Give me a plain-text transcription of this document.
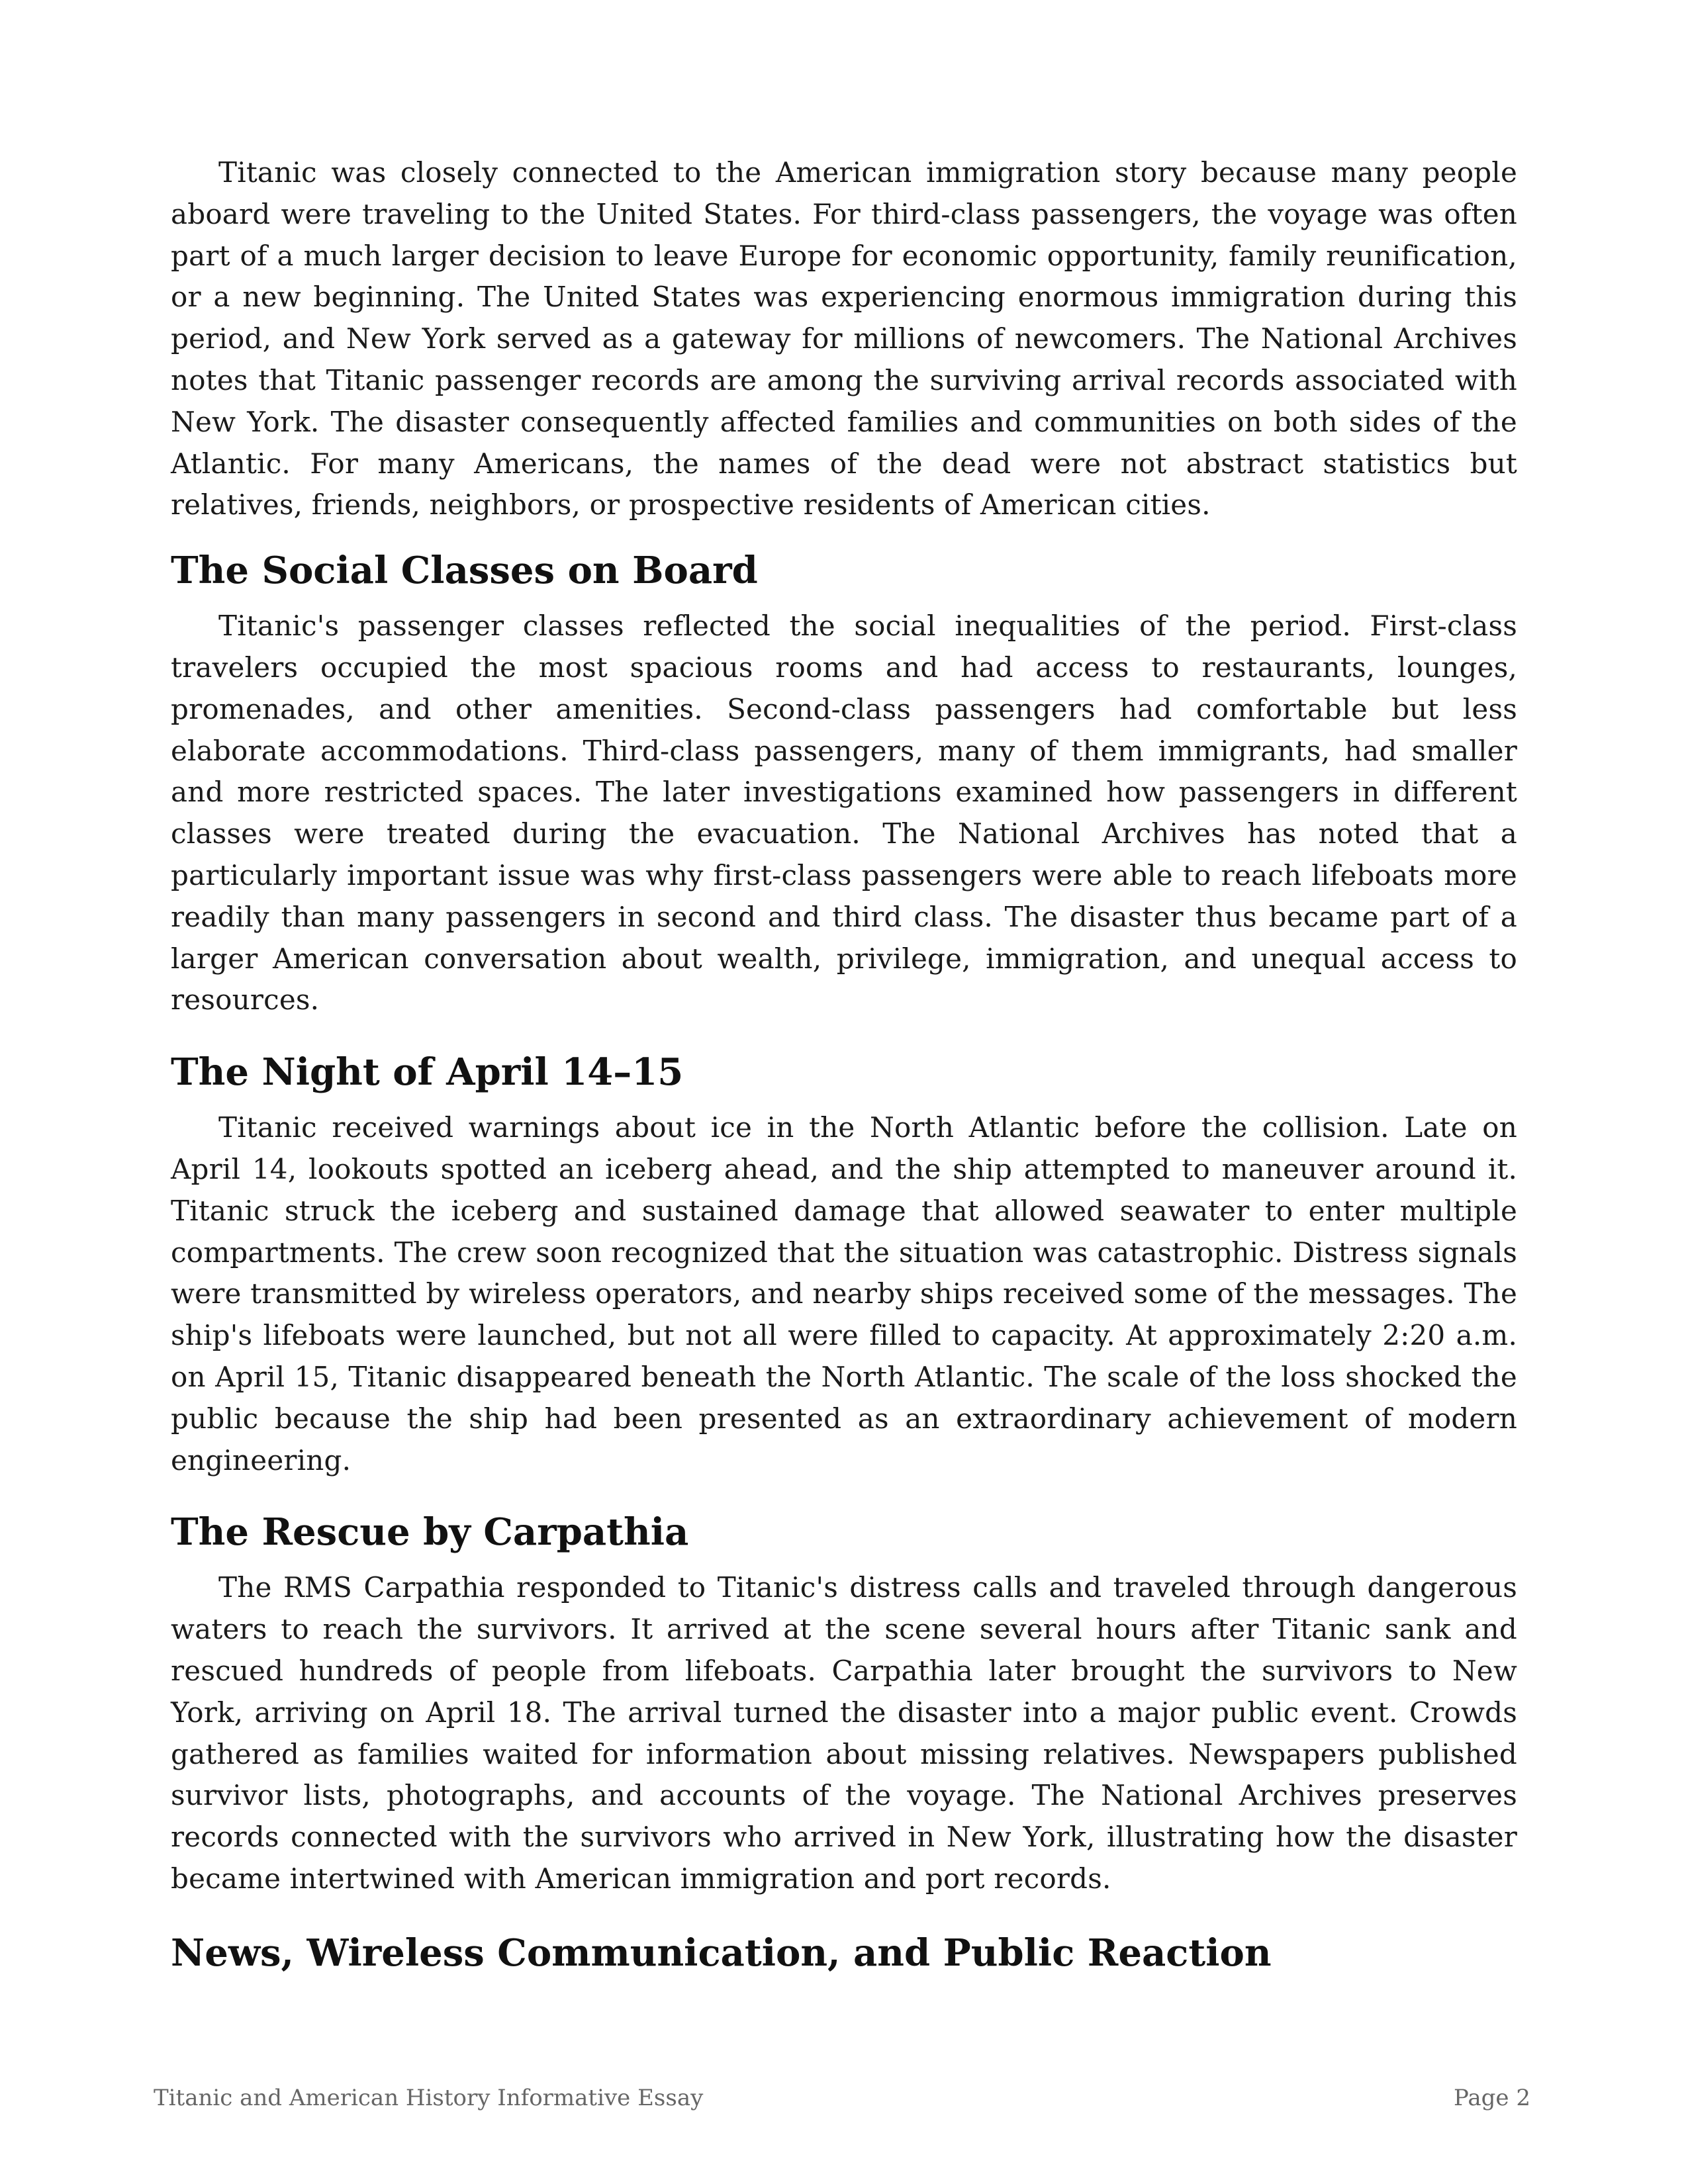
Titanic was closely connected to the American immigration story because many people aboard were traveling to the United States. For third-class passengers, the voyage was often part of a much larger decision to leave Europe for economic opportunity, family reunification, or a new beginning. The United States was experiencing enormous immigration during this period, and New York served as a gateway for millions of newcomers. The National Archives notes that Titanic passenger records are among the surviving arrival records associated with New York. The disaster consequently affected families and communities on both sides of the Atlantic. For many Americans, the names of the dead were not abstract statistics but relatives, friends, neighbors, or prospective residents of American cities.

The Social Classes on Board

Titanic's passenger classes reflected the social inequalities of the period. First-class travelers occupied the most spacious rooms and had access to restaurants, lounges, promenades, and other amenities. Second-class passengers had comfortable but less elaborate accommodations. Third-class passengers, many of them immigrants, had smaller and more restricted spaces. The later investigations examined how passengers in different classes were treated during the evacuation. The National Archives has noted that a particularly important issue was why first-class passengers were able to reach lifeboats more readily than many passengers in second and third class. The disaster thus became part of a larger American conversation about wealth, privilege, immigration, and unequal access to resources.

The Night of April 14–15

Titanic received warnings about ice in the North Atlantic before the collision. Late on April 14, lookouts spotted an iceberg ahead, and the ship attempted to maneuver around it. Titanic struck the iceberg and sustained damage that allowed seawater to enter multiple compartments. The crew soon recognized that the situation was catastrophic. Distress signals were transmitted by wireless operators, and nearby ships received some of the messages. The ship's lifeboats were launched, but not all were filled to capacity. At approximately 2:20 a.m. on April 15, Titanic disappeared beneath the North Atlantic. The scale of the loss shocked the public because the ship had been presented as an extraordinary achievement of modern engineering.

The Rescue by Carpathia

The RMS Carpathia responded to Titanic's distress calls and traveled through dangerous waters to reach the survivors. It arrived at the scene several hours after Titanic sank and rescued hundreds of people from lifeboats. Carpathia later brought the survivors to New York, arriving on April 18. The arrival turned the disaster into a major public event. Crowds gathered as families waited for information about missing relatives. Newspapers published survivor lists, photographs, and accounts of the voyage. The National Archives preserves records connected with the survivors who arrived in New York, illustrating how the disaster became intertwined with American immigration and port records.

News, Wireless Communication, and Public Reaction
Titanic and American History Informative Essay	Page 2
